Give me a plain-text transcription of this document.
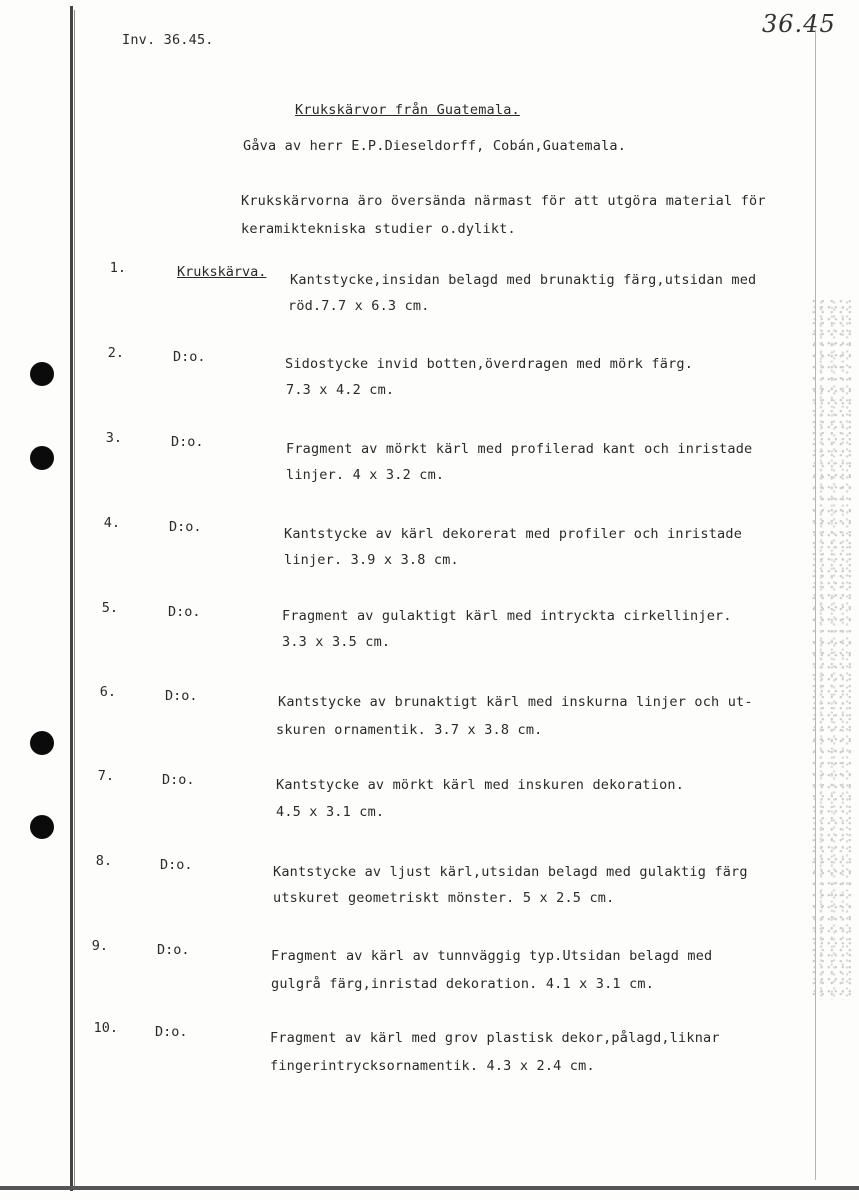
Inv. 36.45.
36.45
Krukskärvor från Guatemala.
Gåva av herr E.P.Dieseldorff, Cobán,Guatemala.
Krukskärvorna äro översända närmast för att utgöra material för
keramiktekniska studier o.dylikt.
1.	Krukskärva. Kantstycke,insidan belagd med brunaktig färg,utsidan med
röd.7.7 x 6.3 cm.
2.	D:o.	Sidostycke invid botten,överdragen med mörk färg.
7.3 x 4.2 cm.
3.	D:o.	Fragment av mörkt kärl med profilerad kant och inristade
linjer. 4 x 3.2 cm.
4.	D:o.	Kantstycke av kärl dekorerat med profiler och inristade
linjer. 3.9 x 3.8 cm.
5.	D:o.	Fragment av gulaktigt kärl med intryckta cirkellinjer.
3.3 x 3.5 cm.
6.	D:o.	Kantstycke av brunaktigt kärl med inskurna linjer och ut-
skuren ornamentik. 3.7 x 3.8 cm.
7.	D:o.	Kantstycke av mörkt kärl med inskuren dekoration.
4.5 x 3.1 cm.
8.	D:o.	Kantstycke av ljust kärl,utsidan belagd med gulaktig färg
utskuret geometriskt mönster. 5 x 2.5 cm.
9.	D:o.	Fragment av kärl av tunnväggig typ.Utsidan belagd med
gulgrå färg,inristad dekoration. 4.1 x 3.1 cm.
10.	D:o.	Fragment av kärl med grov plastisk dekor,pålagd,liknar
fingerintrycksornamentik. 4.3 x 2.4 cm.
